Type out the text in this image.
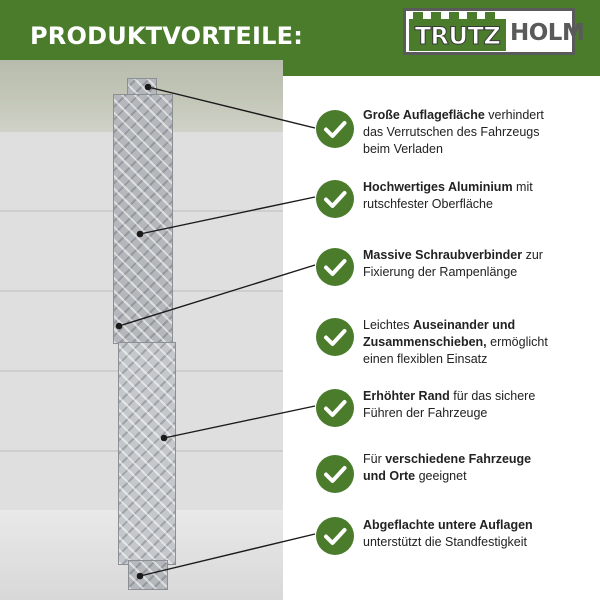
PRODUKTVORTEILE:	TRUTZ HOLM
Große Auflagefläche verhindert das Verrutschen des Fahrzeugs beim Verladen
Hochwertiges Aluminium mit rutschfester Oberfläche
Massive Schraubverbinder zur Fixierung der Rampenlänge
Leichtes Auseinander und Zusammenschieben, ermöglicht einen flexiblen Einsatz
Erhöhter Rand für das sichere Führen der Fahrzeuge
Für verschiedene Fahrzeuge und Orte geeignet
Abgeflachte untere Auflagen unterstützt die Standfestigkeit
